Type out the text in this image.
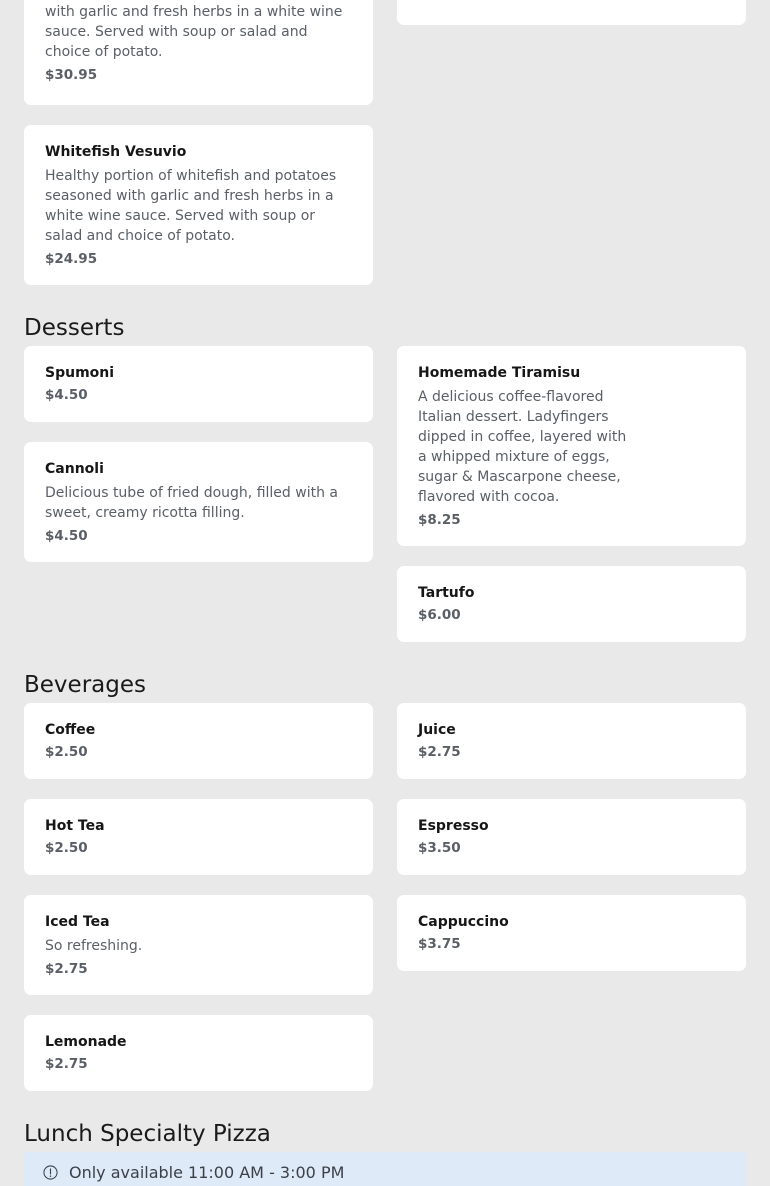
with garlic and fresh herbs in a white wine sauce. Served with soup or salad and choice of potato.
$30.95
Whitefish Vesuvio
Healthy portion of whitefish and potatoes seasoned with garlic and fresh herbs in a white wine sauce. Served with soup or salad and choice of potato.
$24.95
Desserts
Spumoni
$4.50
Homemade Tiramisu
A delicious coffee-flavored Italian dessert. Ladyfingers dipped in coffee, layered with a whipped mixture of eggs, sugar & Mascarpone cheese, flavored with cocoa.
$8.25
Cannoli
Delicious tube of fried dough, filled with a sweet, creamy ricotta filling.
$4.50
Tartufo
$6.00
Beverages
Coffee
$2.50
Juice
$2.75
Hot Tea
$2.50
Espresso
$3.50
Iced Tea
So refreshing.
$2.75
Cappuccino
$3.75
Lemonade
$2.75
Lunch Specialty Pizza
Only available 11:00 AM - 3:00 PM
